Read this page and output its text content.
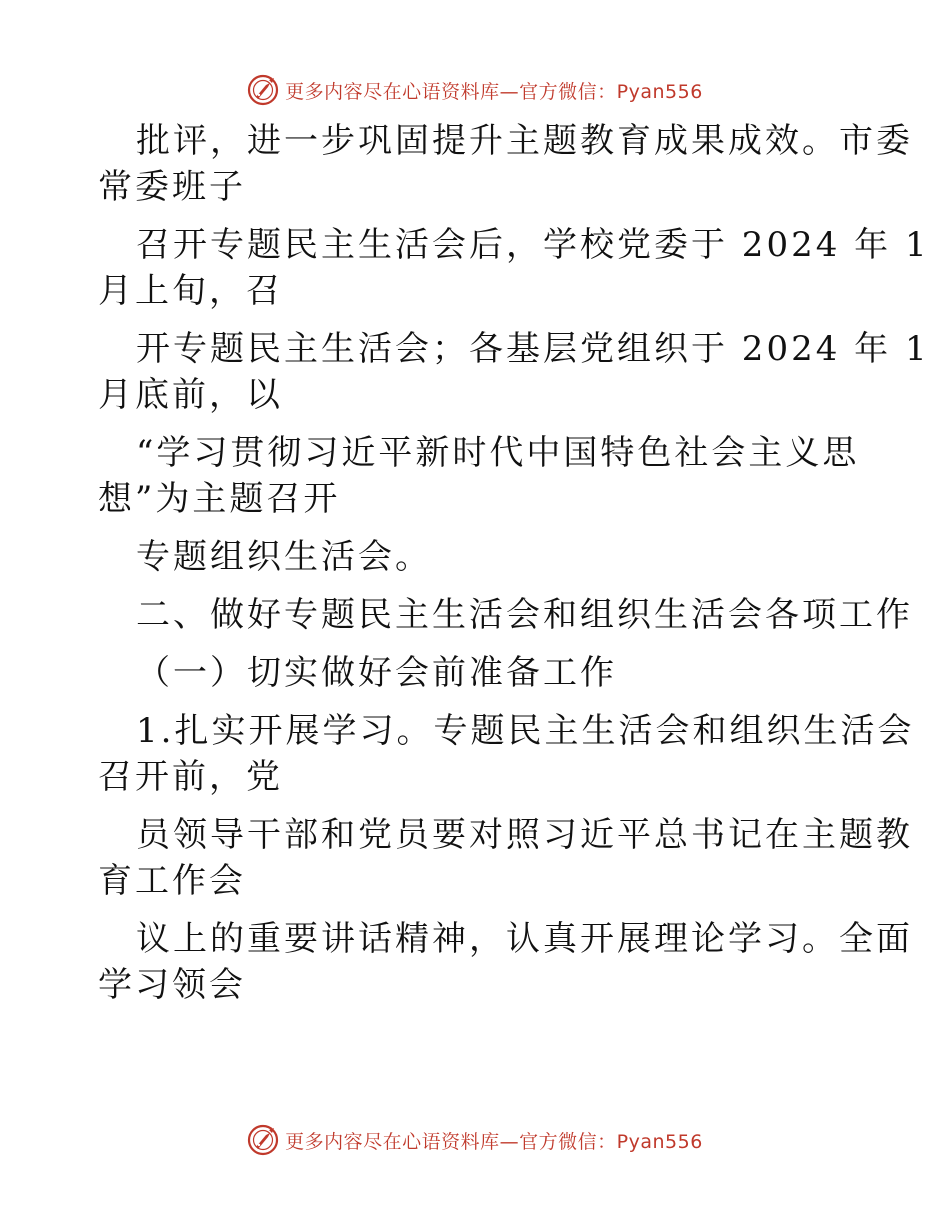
更多内容尽在心语资料库—官方微信：Pyan556

批评，进一步巩固提升主题教育成果成效。市委

常委班子

召开专题民主生活会后，学校党委于 2024 年 1

月上旬，召

开专题民主生活会；各基层党组织于 2024 年 1

月底前，以

“学习贯彻习近平新时代中国特色社会主义思

想”为主题召开

专题组织生活会。

二、做好专题民主生活会和组织生活会各项工作

（一）切实做好会前准备工作

1.扎实开展学习。专题民主生活会和组织生活会

召开前，党

员领导干部和党员要对照习近平总书记在主题教

育工作会

议上的重要讲话精神，认真开展理论学习。全面

学习领会

更多内容尽在心语资料库—官方微信：Pyan556
